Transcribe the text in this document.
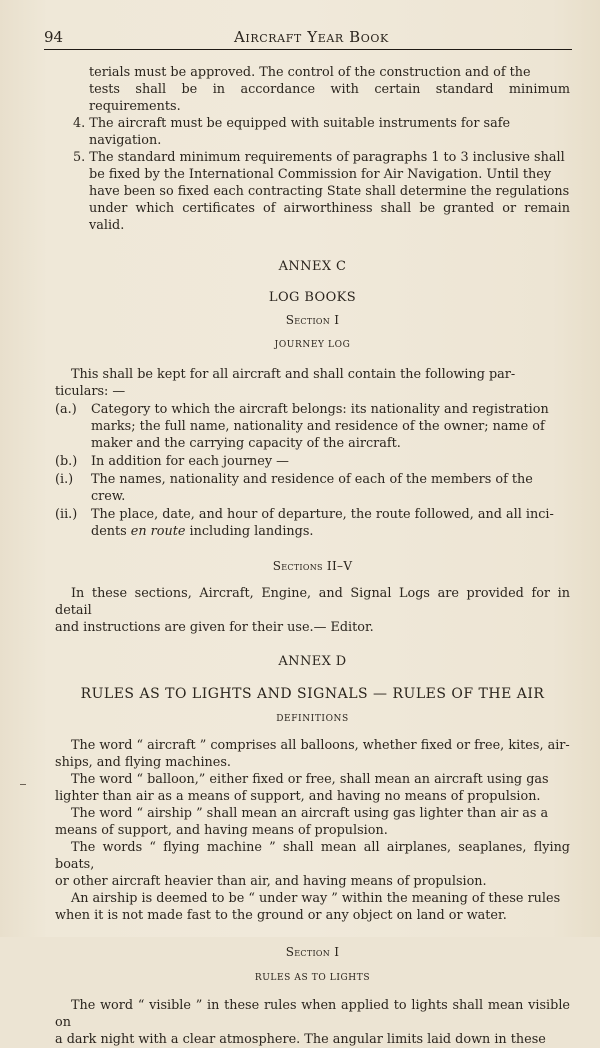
94	Aircraft Year Book

terials must be approved. The control of the construction and of the

tests shall be in accordance with certain standard minimum requirements.

4. The aircraft must be equipped with suitable instruments for safe navigation.

5. The standard minimum requirements of paragraphs 1 to 3 inclusive shall

be fixed by the International Commission for Air Navigation. Until they

have been so fixed each contracting State shall determine the regulations

under which certificates of airworthiness shall be granted or remain valid.

ANNEX C

LOG BOOKS

Section I

JOURNEY LOG

This shall be kept for all aircraft and shall contain the following par-

ticulars: —

(a.)	Category to which the aircraft belongs: its nationality and registration
marks; the full name, nationality and residence of the owner; name of
maker and the carrying capacity of the aircraft.
(b.)	In addition for each journey —
(i.)	The names, nationality and residence of each of the members of the crew.
(ii.)	The place, date, and hour of departure, the route followed, and all inci-
dents en route including landings.

Sections II–V

In these sections, Aircraft, Engine, and Signal Logs are provided for in detail

and instructions are given for their use.— Editor.

ANNEX D

RULES AS TO LIGHTS AND SIGNALS — RULES OF THE AIR

DEFINITIONS

The word “ aircraft ” comprises all balloons, whether fixed or free, kites, air-

ships, and flying machines.

The word “ balloon,” either fixed or free, shall mean an aircraft using gas

lighter than air as a means of support, and having no means of propulsion.

The word “ airship ” shall mean an aircraft using gas lighter than air as a

means of support, and having means of propulsion.

The words “ flying machine ” shall mean all airplanes, seaplanes, flying boats,

or other aircraft heavier than air, and having means of propulsion.

An airship is deemed to be “ under way ” within the meaning of these rules

when it is not made fast to the ground or any object on land or water.

Section I

RULES AS TO LIGHTS

The word “ visible ” in these rules when applied to lights shall mean visible on

a dark night with a clear atmosphere. The angular limits laid down in these
